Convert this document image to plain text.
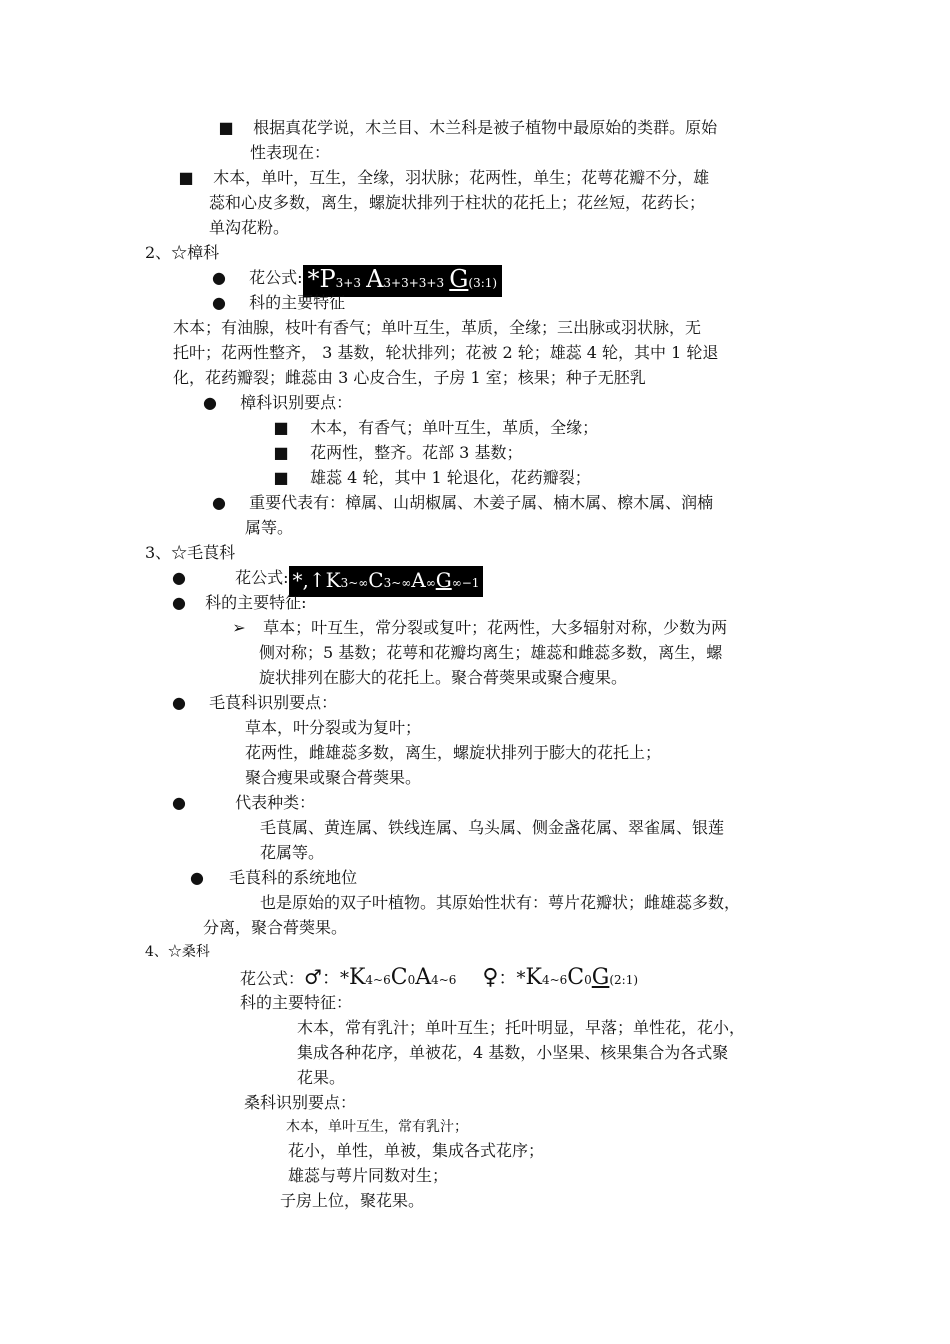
■ 根据真花学说，木兰目、木兰科是被子植物中最原始的类群。原始
性表现在：
■ 木本，单叶，互生，全缘，羽状脉；花两性，单生；花萼花瓣不分，雄
蕊和心皮多数，离生，螺旋状排列于柱状的花托上；花丝短，花药长；
单沟花粉。
2、☆樟科
● 花公式: *P3+3 A3+3+3+3 G(3:1)
● 科的主要特征
木本；有油腺，枝叶有香气；单叶互生，革质，全缘；三出脉或羽状脉，无
托叶；花两性整齐， 3 基数，轮状排列；花被 2 轮；雄蕊 4 轮，其中 1 轮退
化，花药瓣裂；雌蕊由 3 心皮合生，子房 1 室；核果；种子无胚乳
● 樟科识别要点：
■ 木本，有香气；单叶互生，革质，全缘；
■ 花两性，整齐。花部 3 基数；
■ 雄蕊 4 轮，其中 1 轮退化，花药瓣裂；
● 重要代表有：樟属、山胡椒属、木姜子属、楠木属、檫木属、润楠
属等。
3、☆毛茛科
●	花公式: *,↑K3~∞C3~∞A∞G∞−1
● 科的主要特征:
➢ 草本；叶互生，常分裂或复叶；花两性，大多辐射对称，少数为两
侧对称；5 基数；花萼和花瓣均离生；雄蕊和雌蕊多数，离生，螺
旋状排列在膨大的花托上。聚合蓇葖果或聚合瘦果。
● 毛茛科识别要点：
草本，叶分裂或为复叶；
花两性，雌雄蕊多数，离生，螺旋状排列于膨大的花托上；
聚合瘦果或聚合蓇葖果。
●	代表种类：
毛茛属、黄连属、铁线连属、乌头属、侧金盏花属、翠雀属、银莲
花属等。
● 毛茛科的系统地位
也是原始的双子叶植物。其原始性状有：萼片花瓣状；雌雄蕊多数，
分离，聚合蓇葖果。
4、☆桑科
花公式：♂：*K4~6C0A4~6 ♀：*K4~6C0G(2:1)
科的主要特征：
木本，常有乳汁；单叶互生；托叶明显，早落；单性花，花小，
集成各种花序，单被花，4 基数，小坚果、核果集合为各式聚
花果。
桑科识别要点：
木本，单叶互生，常有乳汁；
花小，单性，单被，集成各式花序；
雄蕊与萼片同数对生；
子房上位，聚花果。
